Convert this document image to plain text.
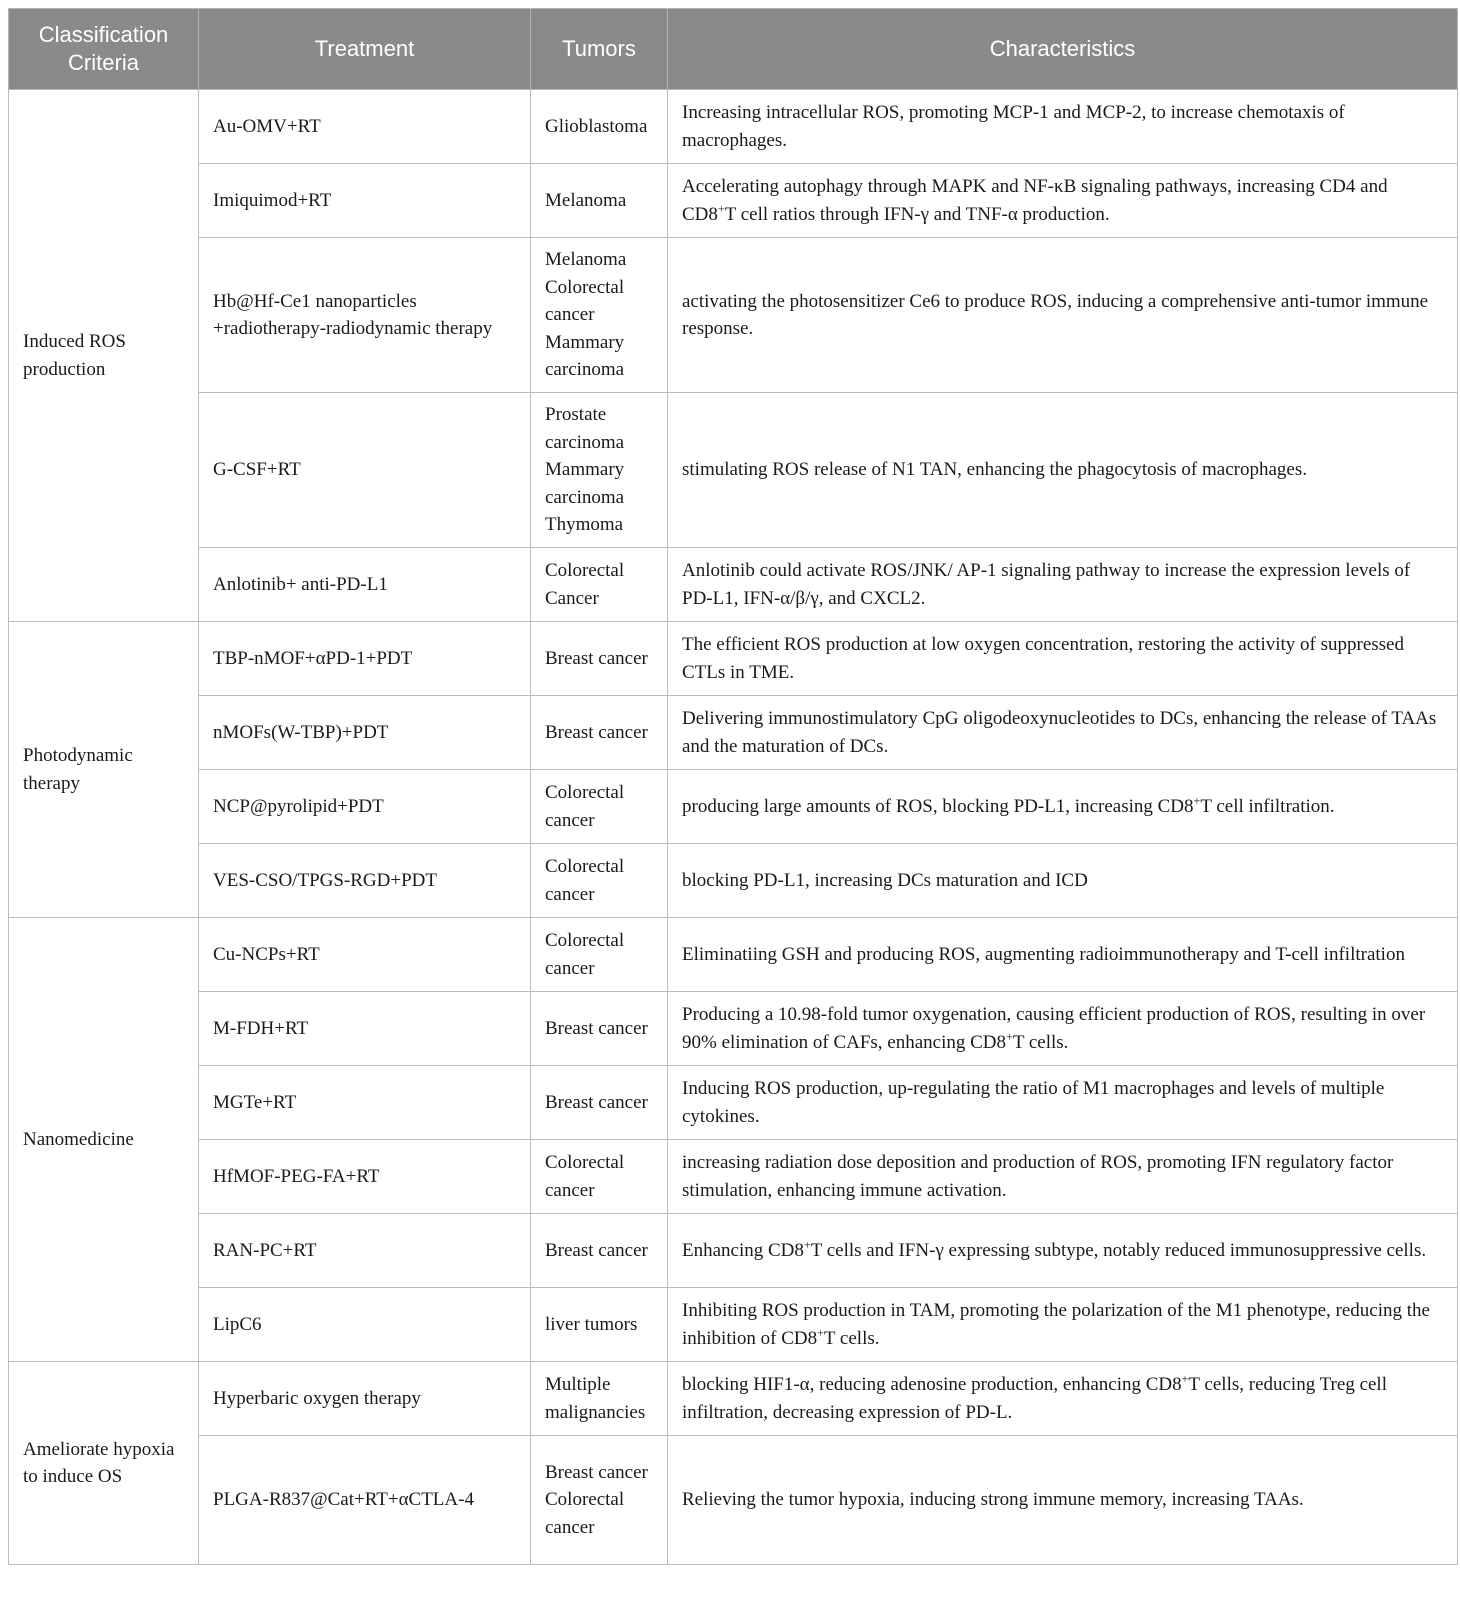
Classification Criteria	Treatment	Tumors	Characteristics
Induced ROS production	Au-OMV+RT	Glioblastoma	Increasing intracellular ROS, promoting MCP-1 and MCP-2, to increase chemotaxis of macrophages.
	Imiquimod+RT	Melanoma	Accelerating autophagy through MAPK and NF-κB signaling pathways, increasing CD4 and CD8+T cell ratios through IFN-γ and TNF-α production.
	Hb@Hf-Ce1 nanoparticles +radiotherapy-radiodynamic therapy	Melanoma Colorectal cancer Mammary carcinoma	activating the photosensitizer Ce6 to produce ROS, inducing a comprehensive anti-tumor immune response.
	G-CSF+RT	Prostate carcinoma Mammary carcinoma Thymoma	stimulating ROS release of N1 TAN, enhancing the phagocytosis of macrophages.
	Anlotinib+ anti-PD-L1	Colorectal Cancer	Anlotinib could activate ROS/JNK/ AP-1 signaling pathway to increase the expression levels of PD-L1, IFN-α/β/γ, and CXCL2.
Photodynamic therapy	TBP-nMOF+αPD-1+PDT	Breast cancer	The efficient ROS production at low oxygen concentration, restoring the activity of suppressed CTLs in TME.
	nMOFs(W-TBP)+PDT	Breast cancer	Delivering immunostimulatory CpG oligodeoxynucleotides to DCs, enhancing the release of TAAs and the maturation of DCs.
	NCP@pyrolipid+PDT	Colorectal cancer	producing large amounts of ROS, blocking PD-L1, increasing CD8+T cell infiltration.
	VES-CSO/TPGS-RGD+PDT	Colorectal cancer	blocking PD-L1, increasing DCs maturation and ICD
Nanomedicine	Cu-NCPs+RT	Colorectal cancer	Eliminatiing GSH and producing ROS, augmenting radioimmunotherapy and T-cell infiltration
	M-FDH+RT	Breast cancer	Producing a 10.98-fold tumor oxygenation, causing efficient production of ROS, resulting in over 90% elimination of CAFs, enhancing CD8+T cells.
	MGTe+RT	Breast cancer	Inducing ROS production, up-regulating the ratio of M1 macrophages and levels of multiple cytokines.
	HfMOF-PEG-FA+RT	Colorectal cancer	increasing radiation dose deposition and production of ROS, promoting IFN regulatory factor stimulation, enhancing immune activation.
	RAN-PC+RT	Breast cancer	Enhancing CD8+T cells and IFN-γ expressing subtype, notably reduced immunosuppressive cells.
	LipC6	liver tumors	Inhibiting ROS production in TAM, promoting the polarization of the M1 phenotype, reducing the inhibition of CD8+T cells.
Ameliorate hypoxia to induce OS	Hyperbaric oxygen therapy	Multiple malignancies	blocking HIF1-α, reducing adenosine production, enhancing CD8+T cells, reducing Treg cell infiltration, decreasing expression of PD-L.
	PLGA-R837@Cat+RT+αCTLA-4	Breast cancer Colorectal cancer	Relieving the tumor hypoxia, inducing strong immune memory, increasing TAAs.
